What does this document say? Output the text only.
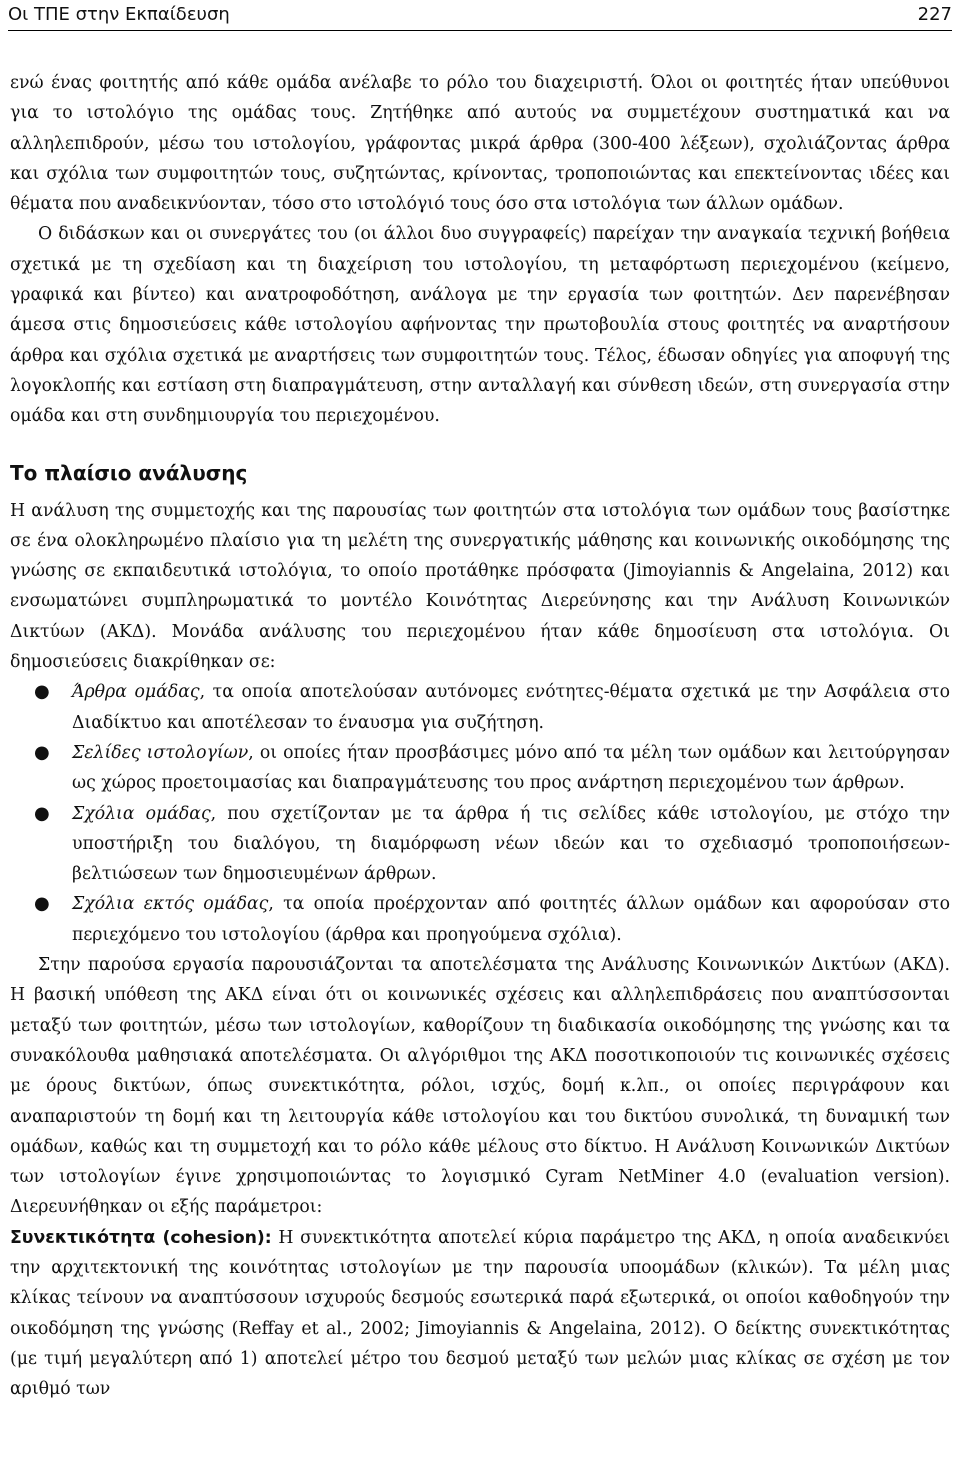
Οι ΤΠΕ στην Εκπαίδευση	227

ενώ ένας φοιτητής από κάθε ομάδα ανέλαβε το ρόλο του διαχειριστή. Όλοι οι φοιτητές ήταν υπεύθυνοι για το ιστολόγιο της ομάδας τους. Ζητήθηκε από αυτούς να συμμετέχουν συστηματικά και να αλληλεπιδρούν, μέσω του ιστολογίου, γράφοντας μικρά άρθρα (300-400 λέξεων), σχολιάζοντας άρθρα και σχόλια των συμφοιτητών τους, συζητώντας, κρίνοντας, τροποποιώντας και επεκτείνοντας ιδέες και θέματα που αναδεικνύονταν, τόσο στο ιστολόγιό τους όσο στα ιστολόγια των άλλων ομάδων.

Ο διδάσκων και οι συνεργάτες του (οι άλλοι δυο συγγραφείς) παρείχαν την αναγκαία τεχνική βοήθεια σχετικά με τη σχεδίαση και τη διαχείριση του ιστολογίου, τη μεταφόρτωση περιεχομένου (κείμενο, γραφικά και βίντεο) και ανατροφοδότηση, ανάλογα με την εργασία των φοιτητών. Δεν παρενέβησαν άμεσα στις δημοσιεύσεις κάθε ιστολογίου αφήνοντας την πρωτοβουλία στους φοιτητές να αναρτήσουν άρθρα και σχόλια σχετικά με αναρτήσεις των συμφοιτητών τους. Τέλος, έδωσαν οδηγίες για αποφυγή της λογοκλοπής και εστίαση στη διαπραγμάτευση, στην ανταλλαγή και σύνθεση ιδεών, στη συνεργασία στην ομάδα και στη συνδημιουργία του περιεχομένου.

Το πλαίσιο ανάλυσης

Η ανάλυση της συμμετοχής και της παρουσίας των φοιτητών στα ιστολόγια των ομάδων τους βασίστηκε σε ένα ολοκληρωμένο πλαίσιο για τη μελέτη της συνεργατικής μάθησης και κοινωνικής οικοδόμησης της γνώσης σε εκπαιδευτικά ιστολόγια, το οποίο προτάθηκε πρόσφατα (Jimoyiannis & Angelaina, 2012) και ενσωματώνει συμπληρωματικά το μοντέλο Κοινότητας Διερεύνησης και την Ανάλυση Κοινωνικών Δικτύων (ΑΚΔ). Μονάδα ανάλυσης του περιεχομένου ήταν κάθε δημοσίευση στα ιστολόγια. Οι δημοσιεύσεις διακρίθηκαν σε:

● Άρθρα ομάδας, τα οποία αποτελούσαν αυτόνομες ενότητες-θέματα σχετικά με την Ασφάλεια στο Διαδίκτυο και αποτέλεσαν το έναυσμα για συζήτηση.
● Σελίδες ιστολογίων, οι οποίες ήταν προσβάσιμες μόνο από τα μέλη των ομάδων και λειτούργησαν ως χώρος προετοιμασίας και διαπραγμάτευσης του προς ανάρτηση περιεχομένου των άρθρων.
● Σχόλια ομάδας, που σχετίζονταν με τα άρθρα ή τις σελίδες κάθε ιστολογίου, με στόχο την υποστήριξη του διαλόγου, τη διαμόρφωση νέων ιδεών και το σχεδιασμό τροποποιήσεων-βελτιώσεων των δημοσιευμένων άρθρων.
● Σχόλια εκτός ομάδας, τα οποία προέρχονταν από φοιτητές άλλων ομάδων και αφορούσαν στο περιεχόμενο του ιστολογίου (άρθρα και προηγούμενα σχόλια).

Στην παρούσα εργασία παρουσιάζονται τα αποτελέσματα της Ανάλυσης Κοινωνικών Δικτύων (ΑΚΔ). Η βασική υπόθεση της ΑΚΔ είναι ότι οι κοινωνικές σχέσεις και αλληλεπιδράσεις που αναπτύσσονται μεταξύ των φοιτητών, μέσω των ιστολογίων, καθορίζουν τη διαδικασία οικοδόμησης της γνώσης και τα συνακόλουθα μαθησιακά αποτελέσματα. Οι αλγόριθμοι της ΑΚΔ ποσοτικοποιούν τις κοινωνικές σχέσεις με όρους δικτύων, όπως συνεκτικότητα, ρόλοι, ισχύς, δομή κ.λπ., οι οποίες περιγράφουν και αναπαριστούν τη δομή και τη λειτουργία κάθε ιστολογίου και του δικτύου συνολικά, τη δυναμική των ομάδων, καθώς και τη συμμετοχή και το ρόλο κάθε μέλους στο δίκτυο. Η Ανάλυση Κοινωνικών Δικτύων των ιστολογίων έγινε χρησιμοποιώντας το λογισμικό Cyram NetMiner 4.0 (evaluation version). Διερευνήθηκαν οι εξής παράμετροι:

Συνεκτικότητα (cohesion): Η συνεκτικότητα αποτελεί κύρια παράμετρο της ΑΚΔ, η οποία αναδεικνύει την αρχιτεκτονική της κοινότητας ιστολογίων με την παρουσία υποομάδων (κλικών). Τα μέλη μιας κλίκας τείνουν να αναπτύσσουν ισχυρούς δεσμούς εσωτερικά παρά εξωτερικά, οι οποίοι καθοδηγούν την οικοδόμηση της γνώσης (Reffay et al., 2002; Jimoyiannis & Angelaina, 2012). Ο δείκτης συνεκτικότητας (με τιμή μεγαλύτερη από 1) αποτελεί μέτρο του δεσμού μεταξύ των μελών μιας κλίκας σε σχέση με τον αριθμό των
